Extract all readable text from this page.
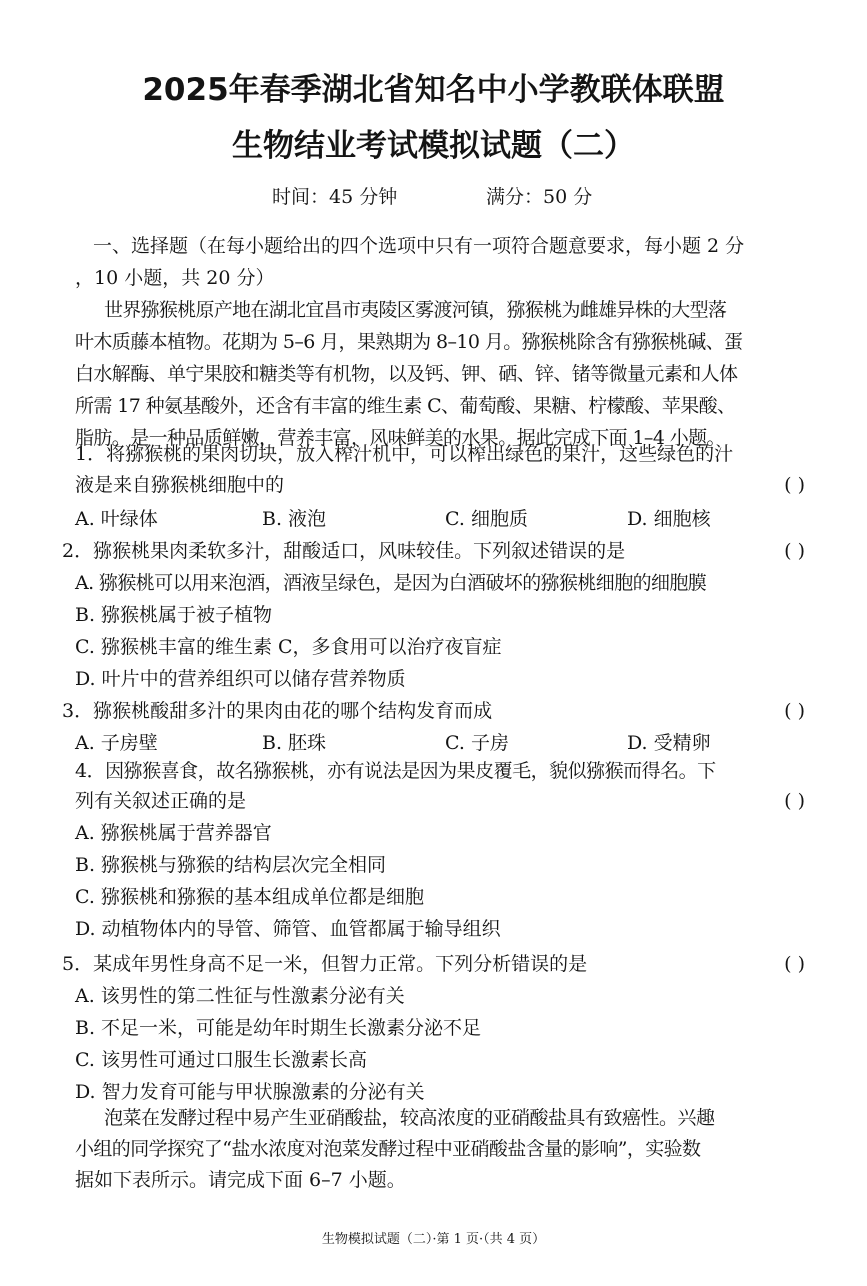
2025年春季湖北省知名中小学教联体联盟
生物结业考试模拟试题（二）
时间：45 分钟	满分：50 分
一、选择题（在每小题给出的四个选项中只有一项符合题意要求，每小题 2 分
，10 小题，共 20 分）
世界猕猴桃原产地在湖北宜昌市夷陵区雾渡河镇，猕猴桃为雌雄异株的大型落
叶木质藤本植物。花期为 5–6 月，果熟期为 8–10 月。猕猴桃除含有猕猴桃碱、蛋
白水解酶、单宁果胶和糖类等有机物，以及钙、钾、硒、锌、锗等微量元素和人体
所需 17 种氨基酸外，还含有丰富的维生素 C、葡萄酸、果糖、柠檬酸、苹果酸、
脂肪。是一种品质鲜嫩，营养丰富，风味鲜美的水果。据此完成下面 1–4 小题。
1．将猕猴桃的果肉切块，放入榨汁机中，可以榨出绿色的果汁，这些绿色的汁
液是来自猕猴桃细胞中的	( )
A. 叶绿体	B. 液泡	C. 细胞质	D. 细胞核
2．猕猴桃果肉柔软多汁，甜酸适口，风味较佳。下列叙述错误的是	( )
A. 猕猴桃可以用来泡酒，酒液呈绿色，是因为白酒破坏的猕猴桃细胞的细胞膜
B. 猕猴桃属于被子植物
C. 猕猴桃丰富的维生素 C，多食用可以治疗夜盲症
D. 叶片中的营养组织可以储存营养物质
3．猕猴桃酸甜多汁的果肉由花的哪个结构发育而成	( )
A. 子房壁	B. 胚珠	C. 子房	D. 受精卵
4．因猕猴喜食，故名猕猴桃，亦有说法是因为果皮覆毛，貌似猕猴而得名。下
列有关叙述正确的是	( )
A. 猕猴桃属于营养器官
B. 猕猴桃与猕猴的结构层次完全相同
C. 猕猴桃和猕猴的基本组成单位都是细胞
D. 动植物体内的导管、筛管、血管都属于输导组织
5．某成年男性身高不足一米，但智力正常。下列分析错误的是	( )
A. 该男性的第二性征与性激素分泌有关
B. 不足一米，可能是幼年时期生长激素分泌不足
C. 该男性可通过口服生长激素长高
D. 智力发育可能与甲状腺激素的分泌有关
泡菜在发酵过程中易产生亚硝酸盐，较高浓度的亚硝酸盐具有致癌性。兴趣
小组的同学探究了“盐水浓度对泡菜发酵过程中亚硝酸盐含量的影响”，实验数
据如下表所示。请完成下面 6–7 小题。
生物模拟试题（二）·第 1 页·（共 4 页）
